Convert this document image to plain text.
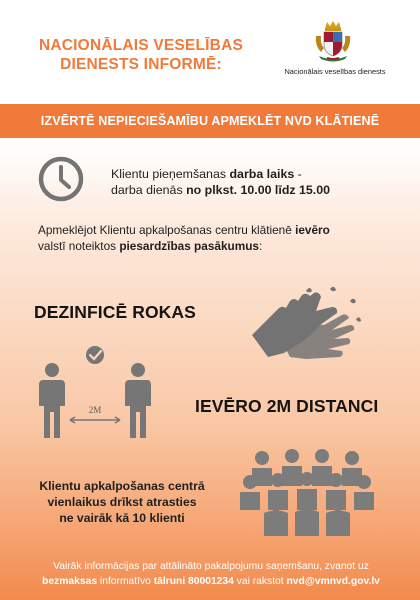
NACIONĀLAIS VESELĪBAS
DIENESTS INFORMĒ:	Nacionālais veselības dienests
IZVĒRTĒ NEPIECIEŠAMĪBU APMEKLĒT NVD KLĀTIENĒ
Klientu pieņemšanas darba laiks -
darba dienās no plkst. 10.00 līdz 15.00
Apmeklējot Klientu apkalpošanas centru klātienē ievēro
valstī noteiktos piesardzības pasākumus:
DEZINFICĒ ROKAS
2M	IEVĒRO 2M DISTANCI
Klientu apkalpošanas centrā
vienlaikus drīkst atrasties
ne vairāk kā 10 klienti
Vairāk informācijas par attālināto pakalpojumu saņemšanu, zvanot uz
bezmaksas informatīvo tālruni 80001234 vai rakstot nvd@vmnvd.gov.lv
